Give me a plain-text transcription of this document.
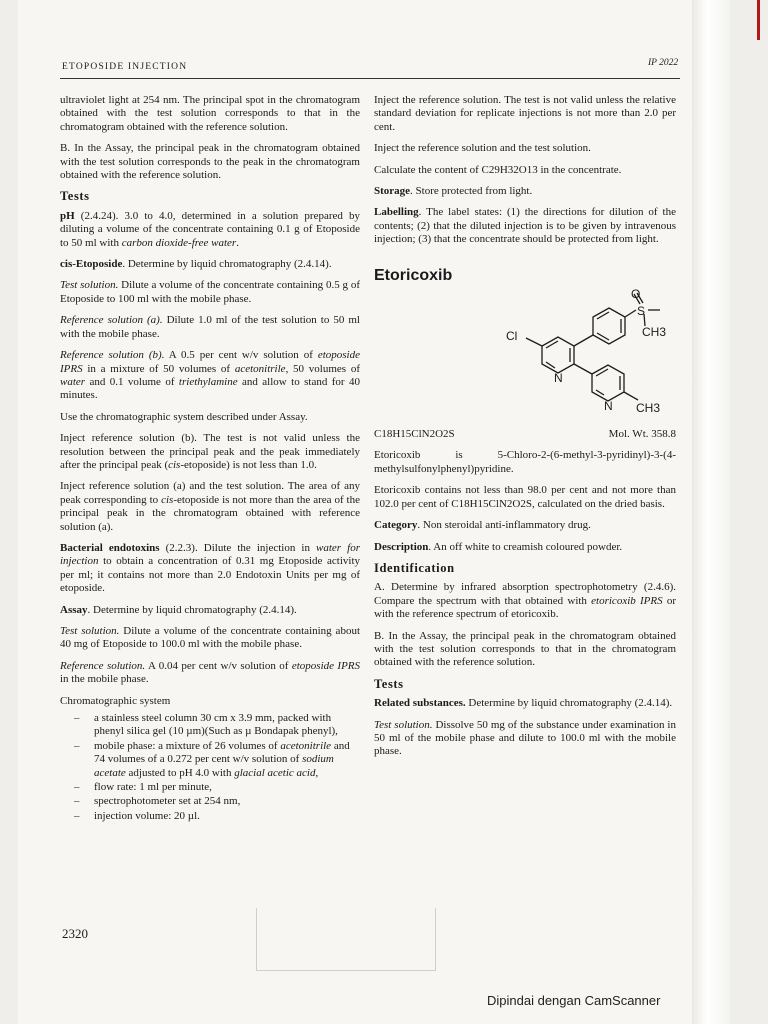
ETOPOSIDE INJECTION	IP 2022

ultraviolet light at 254 nm. The principal spot in the chromatogram obtained with the test solution corresponds to that in the chromatogram obtained with the reference solution.

B. In the Assay, the principal peak in the chromatogram obtained with the test solution corresponds to the peak in the chromatogram obtained with the reference solution.

Tests

pH (2.4.24). 3.0 to 4.0, determined in a solution prepared by diluting a volume of the concentrate containing 0.1 g of Etoposide to 50 ml with carbon dioxide-free water.

cis-Etoposide. Determine by liquid chromatography (2.4.14).

Test solution. Dilute a volume of the concentrate containing 0.5 g of Etoposide to 100 ml with the mobile phase.

Reference solution (a). Dilute 1.0 ml of the test solution to 50 ml with the mobile phase.

Reference solution (b). A 0.5 per cent w/v solution of etoposide IPRS in a mixture of 50 volumes of acetonitrile, 50 volumes of water and 0.1 volume of triethylamine and allow to stand for 40 minutes.

Use the chromatographic system described under Assay.

Inject reference solution (b). The test is not valid unless the resolution between the principal peak and the peak immediately after the principal peak (cis-etoposide) is not less than 1.0.

Inject reference solution (a) and the test solution. The area of any peak corresponding to cis-etoposide is not more than the area of the principal peak in the chromatogram obtained with reference solution (a).

Bacterial endotoxins (2.2.3). Dilute the injection in water for injection to obtain a concentration of 0.31 mg Etoposide activity per ml; it contains not more than 2.0 Endotoxin Units per mg of etoposide.

Assay. Determine by liquid chromatography (2.4.14).

Test solution. Dilute a volume of the concentrate containing about 40 mg of Etoposide to 100.0 ml with the mobile phase.

Reference solution. A 0.04 per cent w/v solution of etoposide IPRS in the mobile phase.

Chromatographic system

– a stainless steel column 30 cm x 3.9 mm, packed with phenyl silica gel (10 µm)(Such as µ Bondapak phenyl),
– mobile phase: a mixture of 26 volumes of acetonitrile and 74 volumes of a 0.272 per cent w/v solution of sodium acetate adjusted to pH 4.0 with glacial acetic acid,
– flow rate: 1 ml per minute,
– spectrophotometer set at 254 nm,
– injection volume: 20 µl.

Inject the reference solution. The test is not valid unless the relative standard deviation for replicate injections is not more than 2.0 per cent.

Inject the reference solution and the test solution.

Calculate the content of C29H32O13 in the concentrate.

Storage. Store protected from light.

Labelling. The label states: (1) the directions for dilution of the contents; (2) that the diluted injection is to be given by intravenous injection; (3) that the concentrate should be protected from light.

Etoricoxib
O
S
CH3
Cl
N
N CH3
C18H15ClN2O2S	Mol. Wt. 358.8

Etoricoxib is 5-Chloro-2-(6-methyl-3-pyridinyl)-3-(4-methylsulfonylphenyl)pyridine.

Etoricoxib contains not less than 98.0 per cent and not more than 102.0 per cent of C18H15ClN2O2S, calculated on the dried basis.

Category. Non steroidal anti-inflammatory drug.

Description. An off white to creamish coloured powder.

Identification

A. Determine by infrared absorption spectrophotometry (2.4.6). Compare the spectrum with that obtained with etoricoxib IPRS or with the reference spectrum of etoricoxib.

B. In the Assay, the principal peak in the chromatogram obtained with the test solution corresponds to that in the chromatogram obtained with the reference solution.

Tests

Related substances. Determine by liquid chromatography (2.4.14).

Test solution. Dissolve 50 mg of the substance under examination in 50 ml of the mobile phase and dilute to 100.0 ml with the mobile phase.

2320
Dipindai dengan CamScanner
